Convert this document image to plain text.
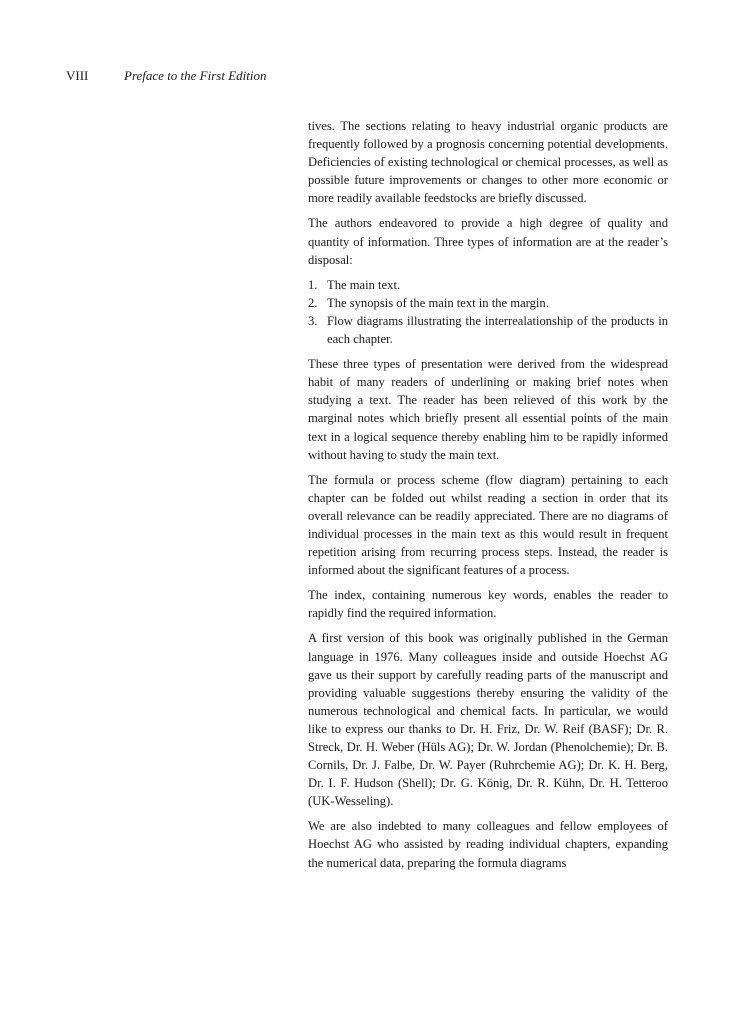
VIII	Preface to the First Edition

tives. The sections relating to heavy industrial organic products are frequently followed by a prognosis concerning potential developments. Deficiencies of existing technological or chemical processes, as well as possible future improvements or changes to other more economic or more readily available feedstocks are briefly discussed.

The authors endeavored to provide a high degree of quality and quantity of information. Three types of information are at the reader’s disposal:

1. The main text.
2. The synopsis of the main text in the margin.
3. Flow diagrams illustrating the interrealationship of the products in each chapter.

These three types of presentation were derived from the widespread habit of many readers of underlining or making brief notes when studying a text. The reader has been relieved of this work by the marginal notes which briefly present all essential points of the main text in a logical sequence thereby enabling him to be rapidly informed without having to study the main text.

The formula or process scheme (flow diagram) pertaining to each chapter can be folded out whilst reading a section in order that its overall relevance can be readily appreciated. There are no diagrams of individual processes in the main text as this would result in frequent repetition arising from recurring process steps. Instead, the reader is informed about the significant features of a process.

The index, containing numerous key words, enables the reader to rapidly find the required information.

A first version of this book was originally published in the German language in 1976. Many colleagues inside and outside Hoechst AG gave us their support by carefully reading parts of the manuscript and providing valuable suggestions thereby ensuring the validity of the numerous technological and chemical facts. In particular, we would like to express our thanks to Dr. H. Friz, Dr. W. Reif (BASF); Dr. R. Streck, Dr. H. Weber (Hüls AG); Dr. W. Jordan (Phenolchemie); Dr. B. Cornils, Dr. J. Falbe, Dr. W. Payer (Ruhrchemie AG); Dr. K. H. Berg, Dr. I. F. Hudson (Shell); Dr. G. König, Dr. R. Kühn, Dr. H. Tetteroo (UK-Wesseling).

We are also indebted to many colleagues and fellow employees of Hoechst AG who assisted by reading individual chapters, expanding the numerical data, preparing the formula diagrams
